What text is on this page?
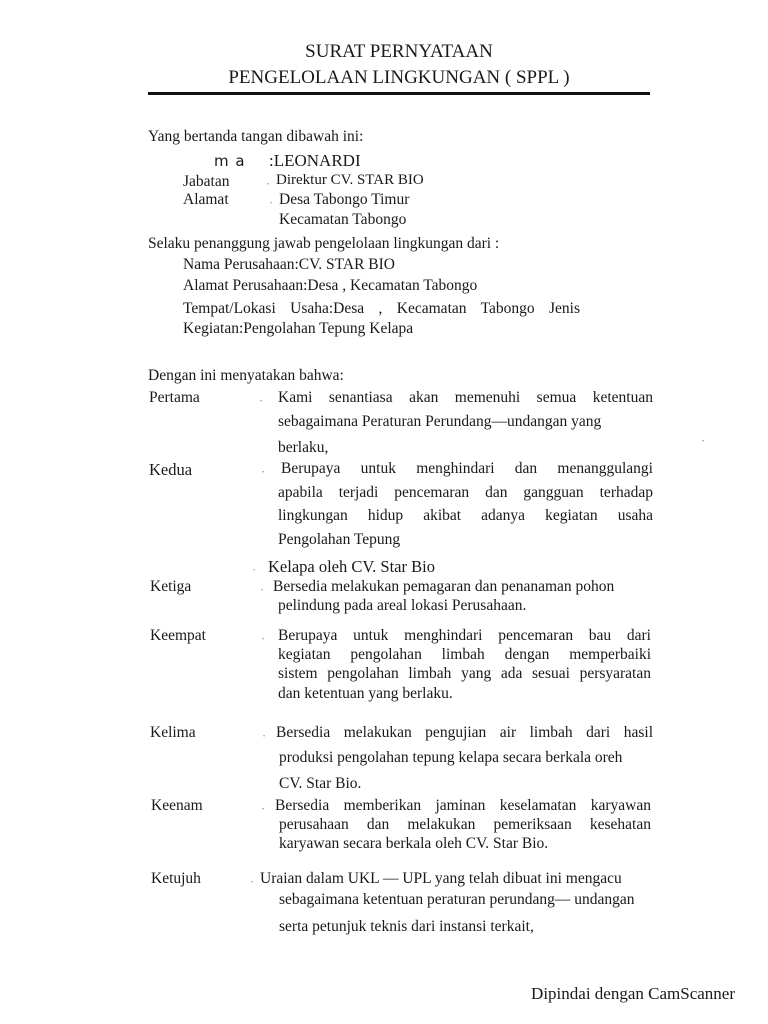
SURAT PERNYATAAN
PENGELOLAAN LINGKUNGAN ( SPPL )
Yang bertanda tangan dibawah ini:
m a :LEONARDI
Jabatan	• Direktur CV. STAR BIO
Alamat	• Desa Tabongo Timur
Kecamatan Tabongo
Selaku penanggung jawab pengelolaan lingkungan dari :
Nama Perusahaan:CV. STAR BIO
Alamat Perusahaan:Desa , Kecamatan Tabongo
Tempat/Lokasi Usaha:Desa , Kecamatan Tabongo Jenis
Kegiatan:Pengolahan Tepung Kelapa
Dengan ini menyatakan bahwa:
Pertama	• Kami senantiasa akan memenuhi semua ketentuan
sebagaimana Peraturan Perundang—undangan yang
berlaku,	•
Kedua	• Berupaya untuk menghindari dan menanggulangi
apabila terjadi pencemaran dan gangguan terhadap
lingkungan hidup akibat adanya kegiatan usaha
Pengolahan Tepung
• Kelapa oleh CV. Star Bio
Ketiga	• Bersedia melakukan pemagaran dan penanaman pohon
pelindung pada areal lokasi Perusahaan.
Keempat	• Berupaya untuk menghindari pencemaran bau dari
kegiatan pengolahan limbah dengan memperbaiki
sistem pengolahan limbah yang ada sesuai persyaratan
dan ketentuan yang berlaku.
Kelima	• Bersedia melakukan pengujian air limbah dari hasil
produksi pengolahan tepung kelapa secara berkala oreh
CV. Star Bio.
Keenam	• Bersedia memberikan jaminan keselamatan karyawan
perusahaan dan melakukan pemeriksaan kesehatan
karyawan secara berkala oleh CV. Star Bio.
Ketujuh	• Uraian dalam UKL — UPL yang telah dibuat ini mengacu
sebagaimana ketentuan peraturan perundang— undangan
serta petunjuk teknis dari instansi terkait,
Dipindai dengan CamScanner
